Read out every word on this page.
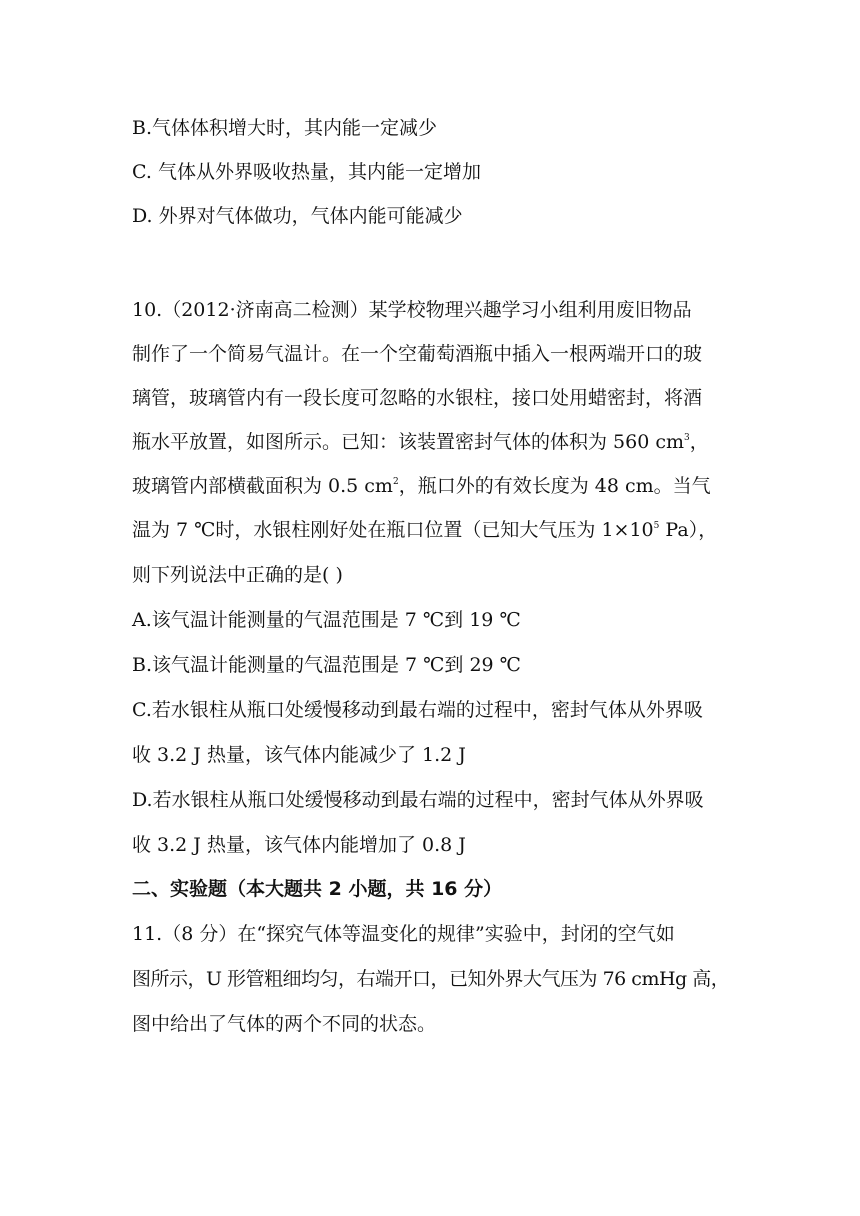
B.气体体积增大时，其内能一定减少
C. 气体从外界吸收热量，其内能一定增加
D. 外界对气体做功，气体内能可能减少
10.（2012·济南高二检测）某学校物理兴趣学习小组利用废旧物品
制作了一个简易气温计。在一个空葡萄酒瓶中插入一根两端开口的玻
璃管，玻璃管内有一段长度可忽略的水银柱，接口处用蜡密封，将酒
瓶水平放置，如图所示。已知：该装置密封气体的体积为 560 $cm^3$，
玻璃管内部横截面积为 0.5 $cm^2$，瓶口外的有效长度为 48 cm。当气
温为 7 ℃时，水银柱刚好处在瓶口位置（已知大气压为 $1\times 10^5$ Pa），
则下列说法中正确的是( )
A.该气温计能测量的气温范围是 7 ℃到 19 ℃
B.该气温计能测量的气温范围是 7 ℃到 29 ℃
C.若水银柱从瓶口处缓慢移动到最右端的过程中，密封气体从外界吸
收 3.2 J 热量，该气体内能减少了 1.2 J
D.若水银柱从瓶口处缓慢移动到最右端的过程中，密封气体从外界吸
收 3.2 J 热量，该气体内能增加了 0.8 J
二、实验题（本大题共 2 小题，共 16 分）
11.（8 分）在“探究气体等温变化的规律”实验中，封闭的空气如
图所示，U 形管粗细均匀，右端开口，已知外界大气压为 76 cmHg 高，
图中给出了气体的两个不同的状态。
